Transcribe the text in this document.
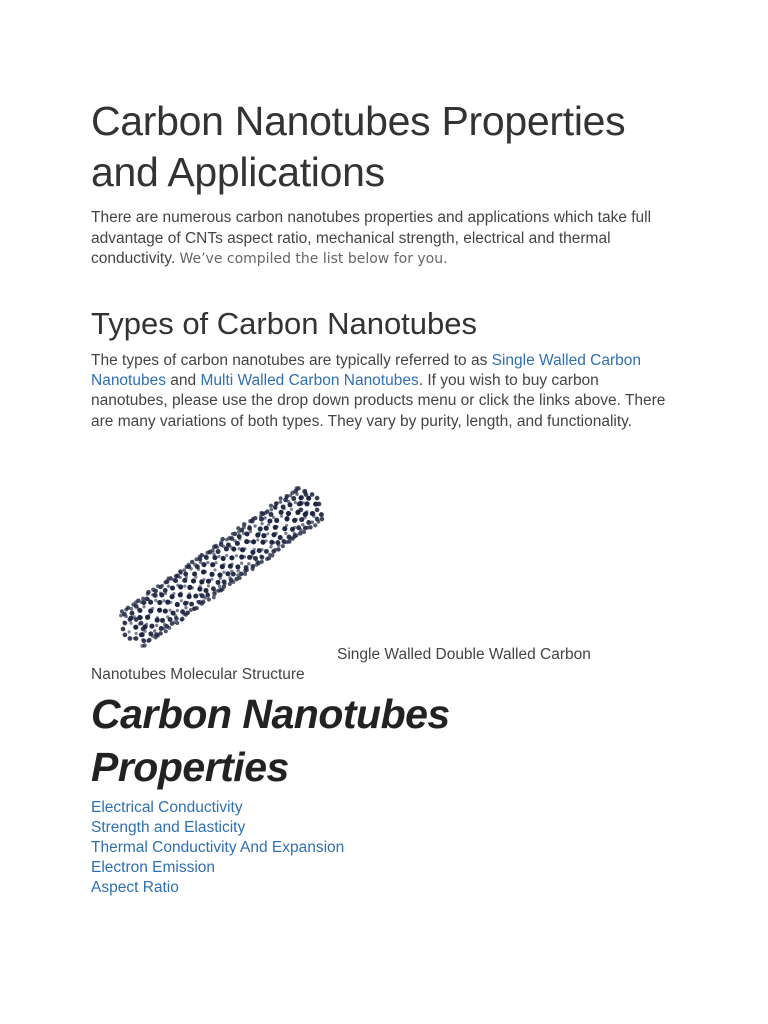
Carbon Nanotubes Properties and Applications

There are numerous carbon nanotubes properties and applications which take full advantage of CNTs aspect ratio, mechanical strength, electrical and thermal conductivity. We’ve compiled the list below for you.

Types of Carbon Nanotubes

The types of carbon nanotubes are typically referred to as Single Walled Carbon Nanotubes and Multi Walled Carbon Nanotubes. If you wish to buy carbon nanotubes, please use the drop down products menu or click the links above. There are many variations of both types. They vary by purity, length, and functionality.

Single Walled Double Walled Carbon
Nanotubes Molecular Structure
Carbon Nanotubes
Properties
Electrical Conductivity
Strength and Elasticity
Thermal Conductivity And Expansion
Electron Emission
Aspect Ratio
